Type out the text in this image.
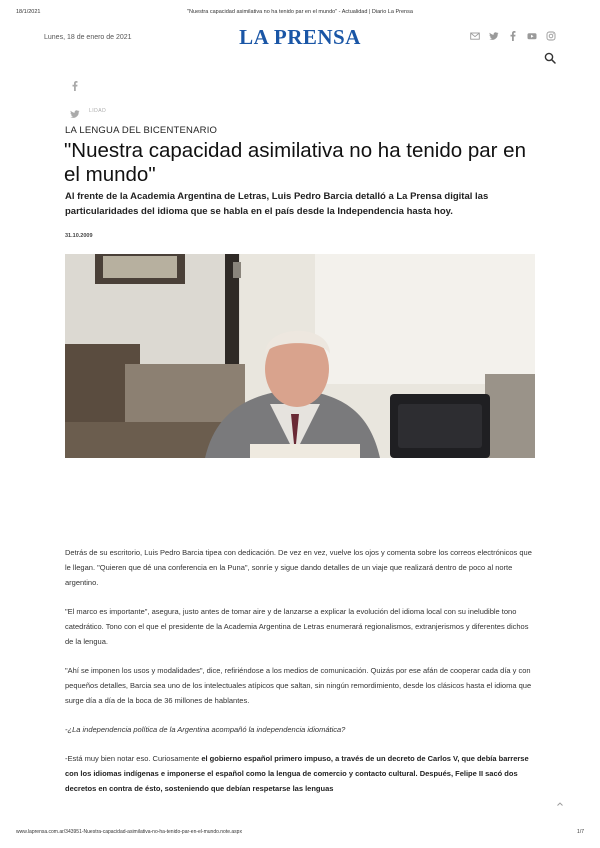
18/1/2021	"Nuestra capacidad asimilativa no ha tenido par en el mundo" - Actualidad | Diario La Prensa
Lunes, 18 de enero de 2021	LA PRENSA
LIDAD
LA LENGUA DEL BICENTENARIO
"Nuestra capacidad asimilativa no ha tenido par en el mundo"

Al frente de la Academia Argentina de Letras, Luis Pedro Barcia detalló a La Prensa digital las particularidades del idioma que se habla en el país desde la Independencia hasta hoy.

31.10.2009

Detrás de su escritorio, Luis Pedro Barcia tipea con dedicación. De vez en vez, vuelve los ojos y comenta sobre los correos electrónicos que le llegan. "Quieren que dé una conferencia en la Puna", sonríe y sigue dando detalles de un viaje que realizará dentro de poco al norte argentino.

"El marco es importante", asegura, justo antes de tomar aire y de lanzarse a explicar la evolución del idioma local con su ineludible tono catedrático. Tono con el que el presidente de la Academia Argentina de Letras enumerará regionalismos, extranjerismos y diferentes dichos de la lengua.

"Ahí se imponen los usos y modalidades", dice, refiriéndose a los medios de comunicación. Quizás por ese afán de cooperar cada día y con pequeños detalles, Barcia sea uno de los intelectuales atípicos que saltan, sin ningún remordimiento, desde los clásicos hasta el idioma que surge día a día de la boca de 36 millones de hablantes.

-¿La independencia política de la Argentina acompañó la independencia idiomática?

-Está muy bien notar eso. Curiosamente el gobierno español primero impuso, a través de un decreto de Carlos V, que debía barrerse con los idiomas indígenas e imponerse el español como la lengua de comercio y contacto cultural. Después, Felipe II sacó dos decretos en contra de ésto, sosteniendo que debían respetarse las lenguas

www.laprensa.com.ar/343951-Nuestra-capacidad-asimilativa-no-ha-tenido-par-en-el-mundo.note.aspx	1/7
